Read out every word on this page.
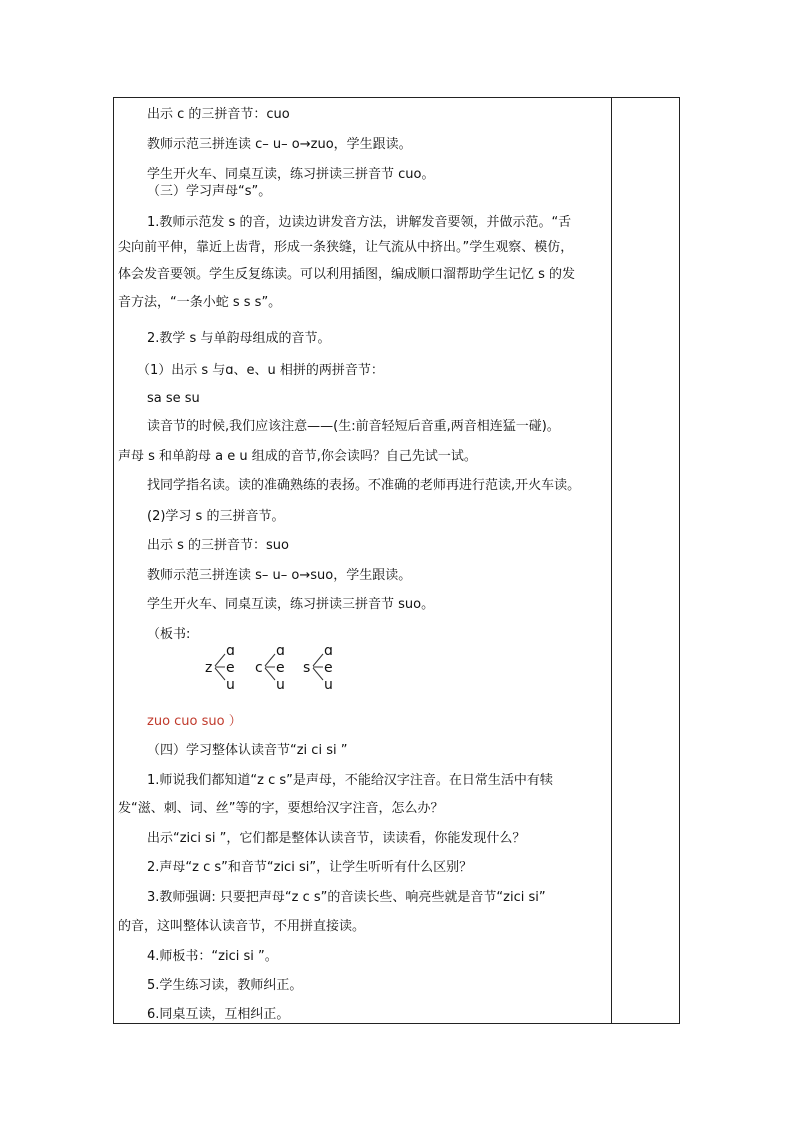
出示 c 的三拼音节：cuo
教师示范三拼连读 c– u– o→zuo，学生跟读。
学生开火车、同桌互读，练习拼读三拼音节 cuo。
（三）学习声母“s”。
1.教师示范发 s 的音，边读边讲发音方法，讲解发音要领，并做示范。“舌
尖向前平伸，靠近上齿背，形成一条狭缝，让气流从中挤出。”学生观察、模仿，
体会发音要领。学生反复练读。可以利用插图，编成顺口溜帮助学生记忆 s 的发
音方法，“一条小蛇 s s s”。
2.教学 s 与单韵母组成的音节。
（1）出示 s 与ɑ、e、u 相拼的两拼音节：
sa se su
读音节的时候,我们应该注意——(生:前音轻短后音重,两音相连猛一碰)。
声母 s 和单韵母 a e u 组成的音节,你会读吗？自己先试一试。
找同学指名读。读的准确熟练的表扬。不准确的老师再进行范读,开火车读。
(2)学习 s 的三拼音节。
出示 s 的三拼音节：suo
教师示范三拼连读 s– u– o→suo，学生跟读。
学生开火车、同桌互读，练习拼读三拼音节 suo。
（板书:
z
ɑ
e
u
c
ɑ
e
u
s
ɑ
e
u
zuo cuo suo ）
（四）学习整体认读音节“zi ci si ”
1.师说我们都知道“z c s”是声母，不能给汉字注音。在日常生活中有犊
发“滋、刺、词、丝”等的字，要想给汉字注音，怎么办？
出示“zici si ”，它们都是整体认读音节，读读看，你能发现什么？
2.声母“z c s”和音节“zici si”，让学生听听有什么区别？
3.教师强调: 只要把声母“z c s”的音读长些、响亮些就是音节“zici si”
的音，这叫整体认读音节，不用拼直接读。
4.师板书：“zici si ”。
5.学生练习读，教师纠正。
6.同桌互读，互相纠正。
